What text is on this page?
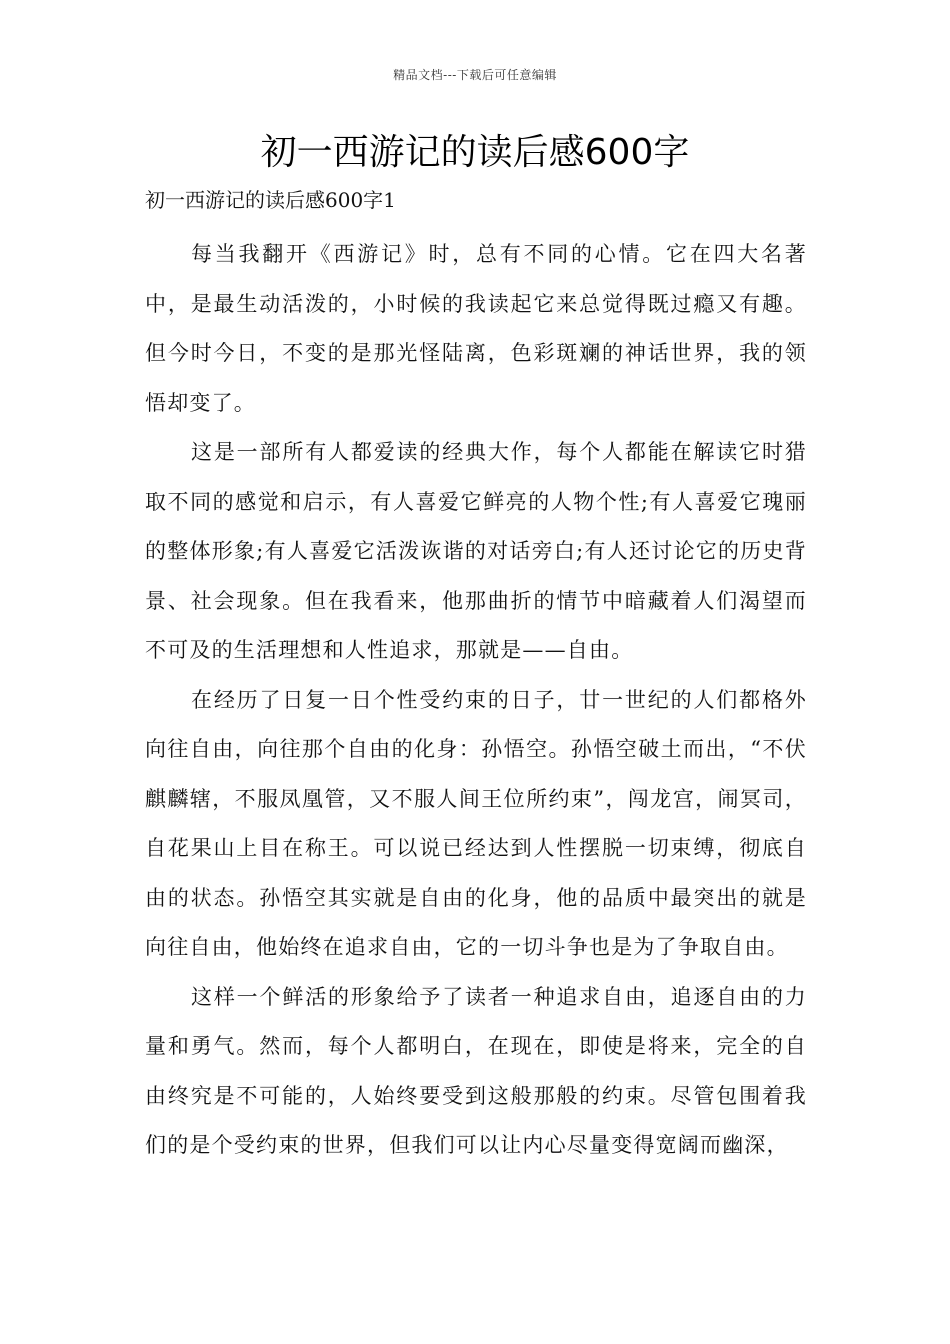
精品文档---下载后可任意编辑
初一西游记的读后感600字
初一西游记的读后感600字1

每当我翻开《西游记》时，总有不同的心情。它在四大名著中，是最生动活泼的，小时候的我读起它来总觉得既过瘾又有趣。但今时今日，不变的是那光怪陆离，色彩斑斓的神话世界，我的领悟却变了。

这是一部所有人都爱读的经典大作，每个人都能在解读它时猎取不同的感觉和启示，有人喜爱它鲜亮的人物个性;有人喜爱它瑰丽的整体形象;有人喜爱它活泼诙谐的对话旁白;有人还讨论它的历史背景、社会现象。但在我看来，他那曲折的情节中暗藏着人们渴望而不可及的生活理想和人性追求，那就是——自由。

在经历了日复一日个性受约束的日子，廿一世纪的人们都格外向往自由，向往那个自由的化身：孙悟空。孙悟空破土而出，“不伏麒麟辖，不服凤凰管，又不服人间王位所约束”，闯龙宫，闹冥司，自花果山上目在称王。可以说已经达到人性摆脱一切束缚，彻底自由的状态。孙悟空其实就是自由的化身，他的品质中最突出的就是向往自由，他始终在追求自由，它的一切斗争也是为了争取自由。

这样一个鲜活的形象给予了读者一种追求自由，追逐自由的力量和勇气。然而，每个人都明白，在现在，即使是将来，完全的自由终究是不可能的，人始终要受到这般那般的约束。尽管包围着我们的是个受约束的世界，但我们可以让内心尽量变得宽阔而幽深，
